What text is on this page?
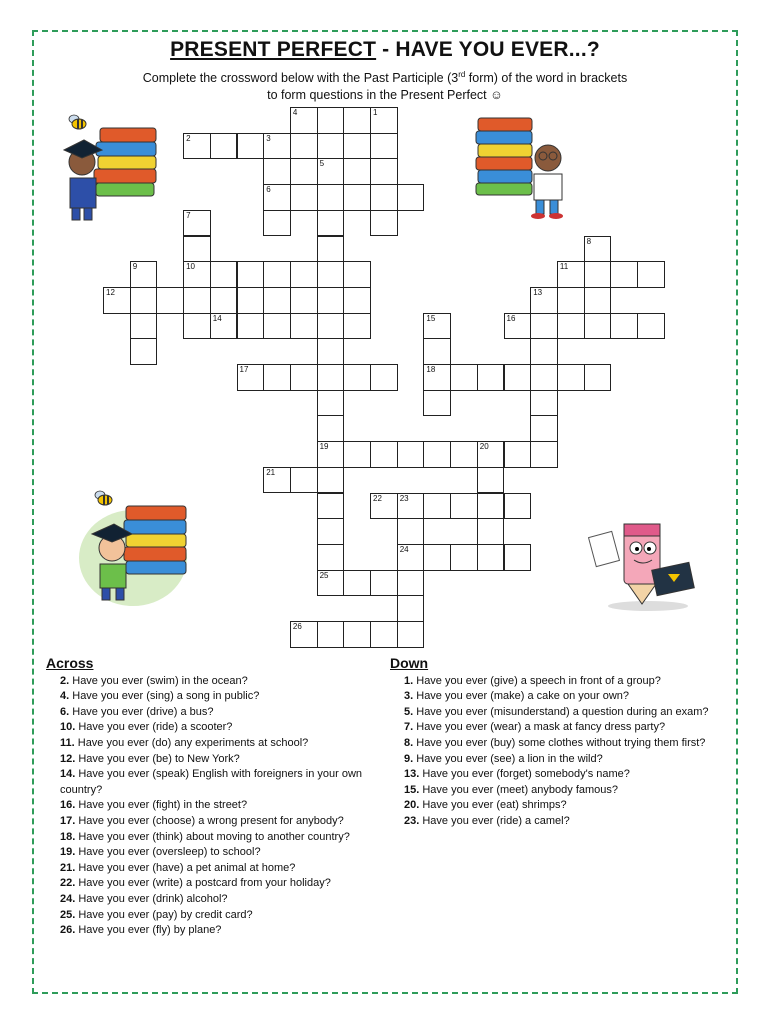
PRESENT PERFECT - HAVE YOU EVER...?
Complete the crossword below with the Past Participle (3rd form) of the word in brackets
to form questions in the Present Perfect ☺
1
2	3
4
5
6
7
8
9	10	11
12	13
14	15	16
17	18
19	20
21
22 23
24
25
26
Across

2. Have you ever (swim) in the ocean?

4. Have you ever (sing) a song in public?

6. Have you ever (drive) a bus?

10. Have you ever (ride) a scooter?

11. Have you ever (do) any experiments at school?

12. Have you ever (be) to New York?

14. Have you ever (speak) English with foreigners in your own country?

16. Have you ever (fight) in the street?

17. Have you ever (choose) a wrong present for anybody?

18. Have you ever (think) about moving to another country?

19. Have you ever (oversleep) to school?

21. Have you ever (have) a pet animal at home?

22. Have you ever (write) a postcard from your holiday?

24. Have you ever (drink) alcohol?

25. Have you ever (pay) by credit card?

26. Have you ever (fly) by plane?

Down

1. Have you ever (give) a speech in front of a group?

3. Have you ever (make) a cake on your own?

5. Have you ever (misunderstand) a question during an exam?

7. Have you ever (wear) a mask at fancy dress party?

8. Have you ever (buy) some clothes without trying them first?

9. Have you ever (see) a lion in the wild?

13. Have you ever (forget) somebody's name?

15. Have you ever (meet) anybody famous?

20. Have you ever (eat) shrimps?

23. Have you ever (ride) a camel?
